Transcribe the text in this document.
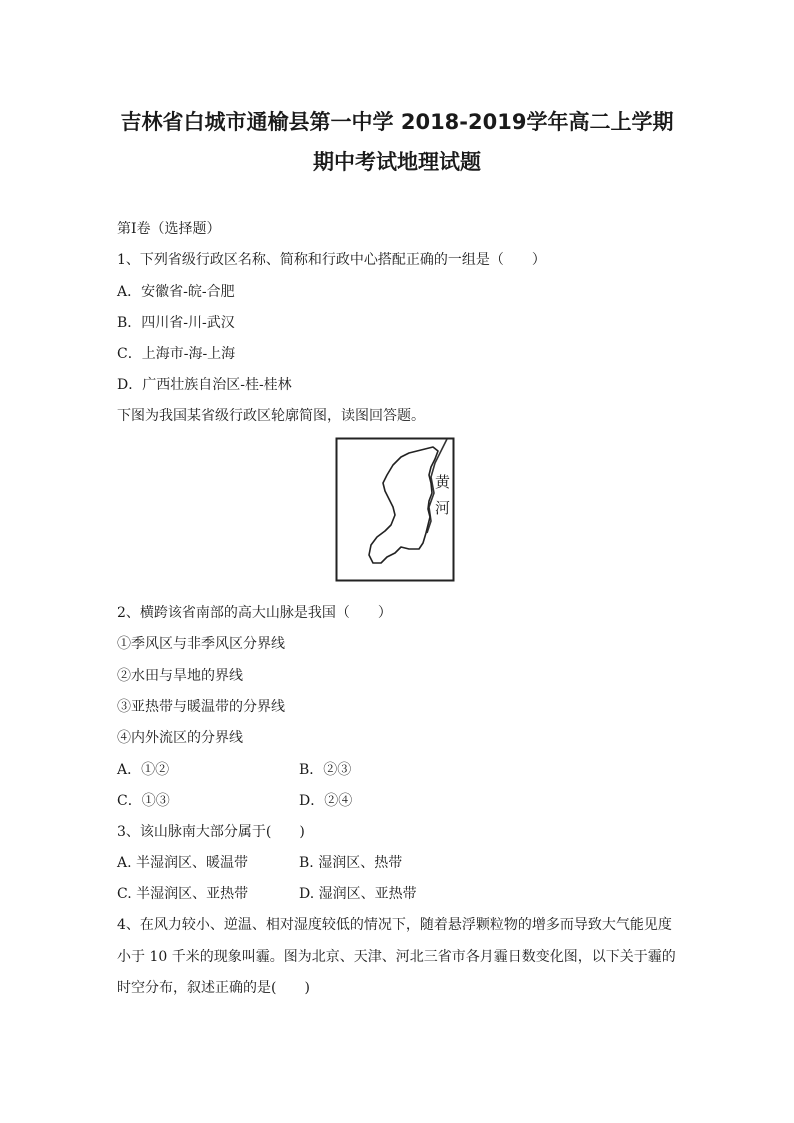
吉林省白城市通榆县第一中学 2018-2019学年高二上学期
期中考试地理试题
第Ⅰ卷（选择题）
1、下列省级行政区名称、简称和行政中心搭配正确的一组是（　　）
A．安徽省-皖-合肥
B．四川省-川-武汉
C．上海市-海-上海
D．广西壮族自治区-桂-桂林
下图为我国某省级行政区轮廓简图，读图回答题。
黄
河
2、横跨该省南部的高大山脉是我国（　　）
①季风区与非季风区分界线
②水田与旱地的界线
③亚热带与暖温带的分界线
④内外流区的分界线
A．①②	B．②③
C．①③	D．②④
3、该山脉南大部分属于(　　)
A. 半湿润区、暖温带	B. 湿润区、热带
C. 半湿润区、亚热带	D. 湿润区、亚热带
4、在风力较小、逆温、相对湿度较低的情况下，随着悬浮颗粒物的增多而导致大气能见度
小于 10 千米的现象叫霾。图为北京、天津、河北三省市各月霾日数变化图，以下关于霾的
时空分布，叙述正确的是(　　)
